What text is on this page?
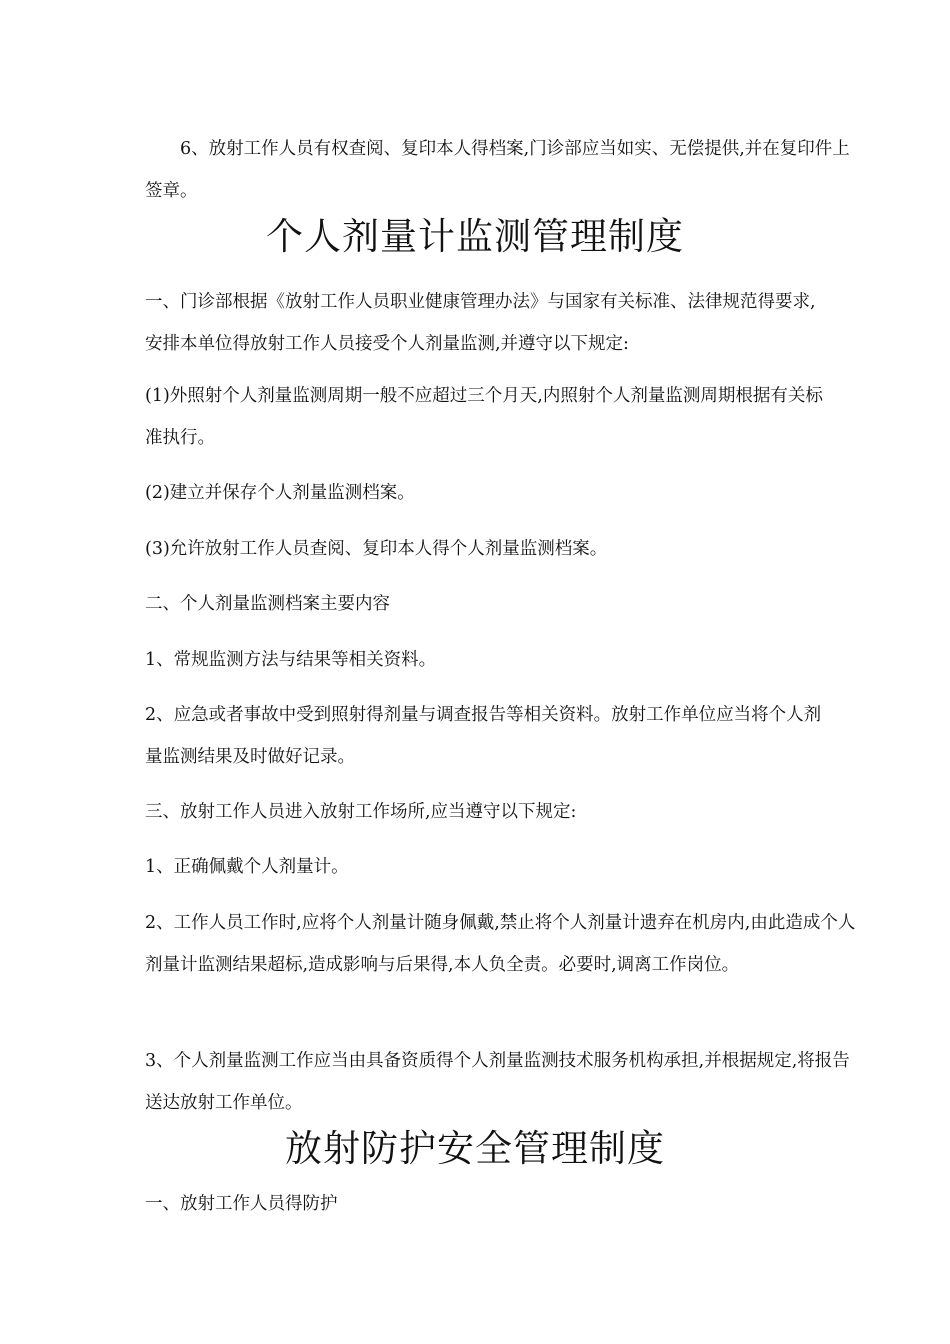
6、放射工作人员有权查阅、复印本人得档案,门诊部应当如实、无偿提供,并在复印件上签章。

个人剂量计监测管理制度

一、门诊部根据《放射工作人员职业健康管理办法》与国家有关标准、法律规范得要求,安排本单位得放射工作人员接受个人剂量监测,并遵守以下规定:

(1)外照射个人剂量监测周期一般不应超过三个月天,内照射个人剂量监测周期根据有关标准执行。

(2)建立并保存个人剂量监测档案。

(3)允许放射工作人员查阅、复印本人得个人剂量监测档案。

二、个人剂量监测档案主要内容

1、常规监测方法与结果等相关资料。

2、应急或者事故中受到照射得剂量与调查报告等相关资料。放射工作单位应当将个人剂量监测结果及时做好记录。

三、放射工作人员进入放射工作场所,应当遵守以下规定:

1、正确佩戴个人剂量计。

2、工作人员工作时,应将个人剂量计随身佩戴,禁止将个人剂量计遗弃在机房内,由此造成个人剂量计监测结果超标,造成影响与后果得,本人负全责。必要时,调离工作岗位。

3、个人剂量监测工作应当由具备资质得个人剂量监测技术服务机构承担,并根据规定,将报告送达放射工作单位。

放射防护安全管理制度

一、放射工作人员得防护
